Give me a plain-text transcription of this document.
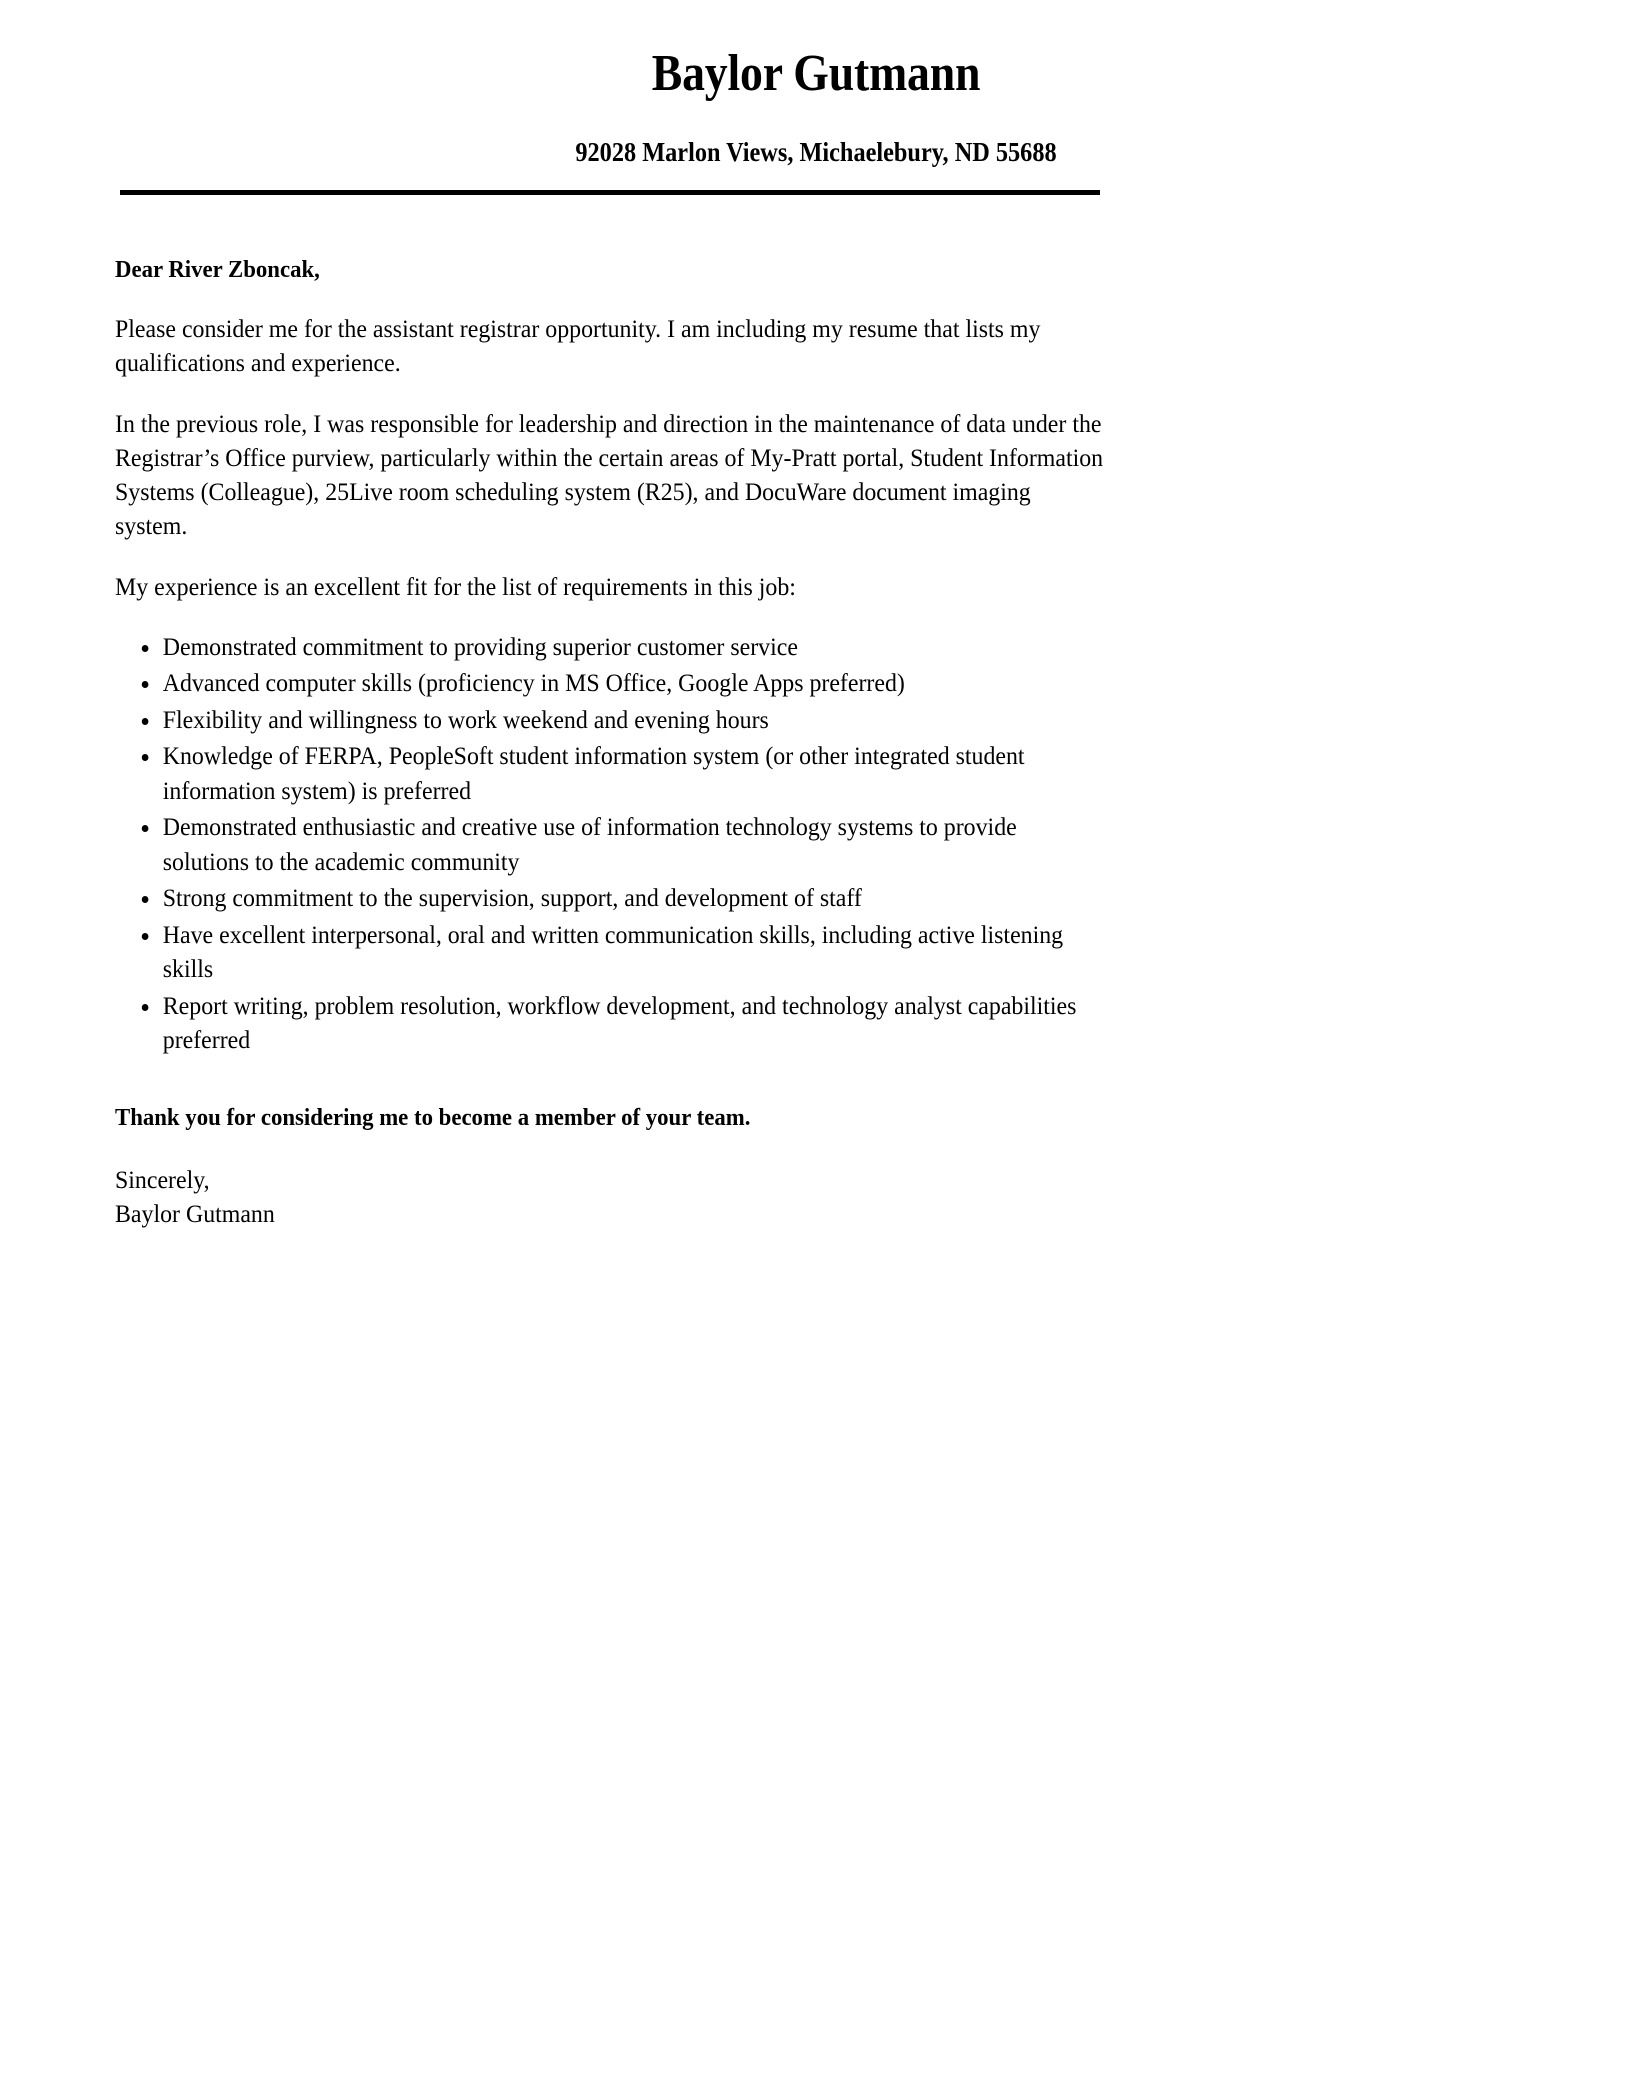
Baylor Gutmann
92028 Marlon Views, Michaelebury, ND 55688
Dear River Zboncak,

Please consider me for the assistant registrar opportunity. I am including my resume that lists my qualifications and experience.

In the previous role, I was responsible for leadership and direction in the maintenance of data under the Registrar’s Office purview, particularly within the certain areas of My-Pratt portal, Student Information Systems (Colleague), 25Live room scheduling system (R25), and DocuWare document imaging system.

My experience is an excellent fit for the list of requirements in this job:

Demonstrated commitment to providing superior customer service
Advanced computer skills (proficiency in MS Office, Google Apps preferred)
Flexibility and willingness to work weekend and evening hours
Knowledge of FERPA, PeopleSoft student information system (or other integrated student information system) is preferred
Demonstrated enthusiastic and creative use of information technology systems to provide solutions to the academic community
Strong commitment to the supervision, support, and development of staff
Have excellent interpersonal, oral and written communication skills, including active listening skills
Report writing, problem resolution, workflow development, and technology analyst capabilities preferred
Thank you for considering me to become a member of your team.
Sincerely,
Baylor Gutmann
